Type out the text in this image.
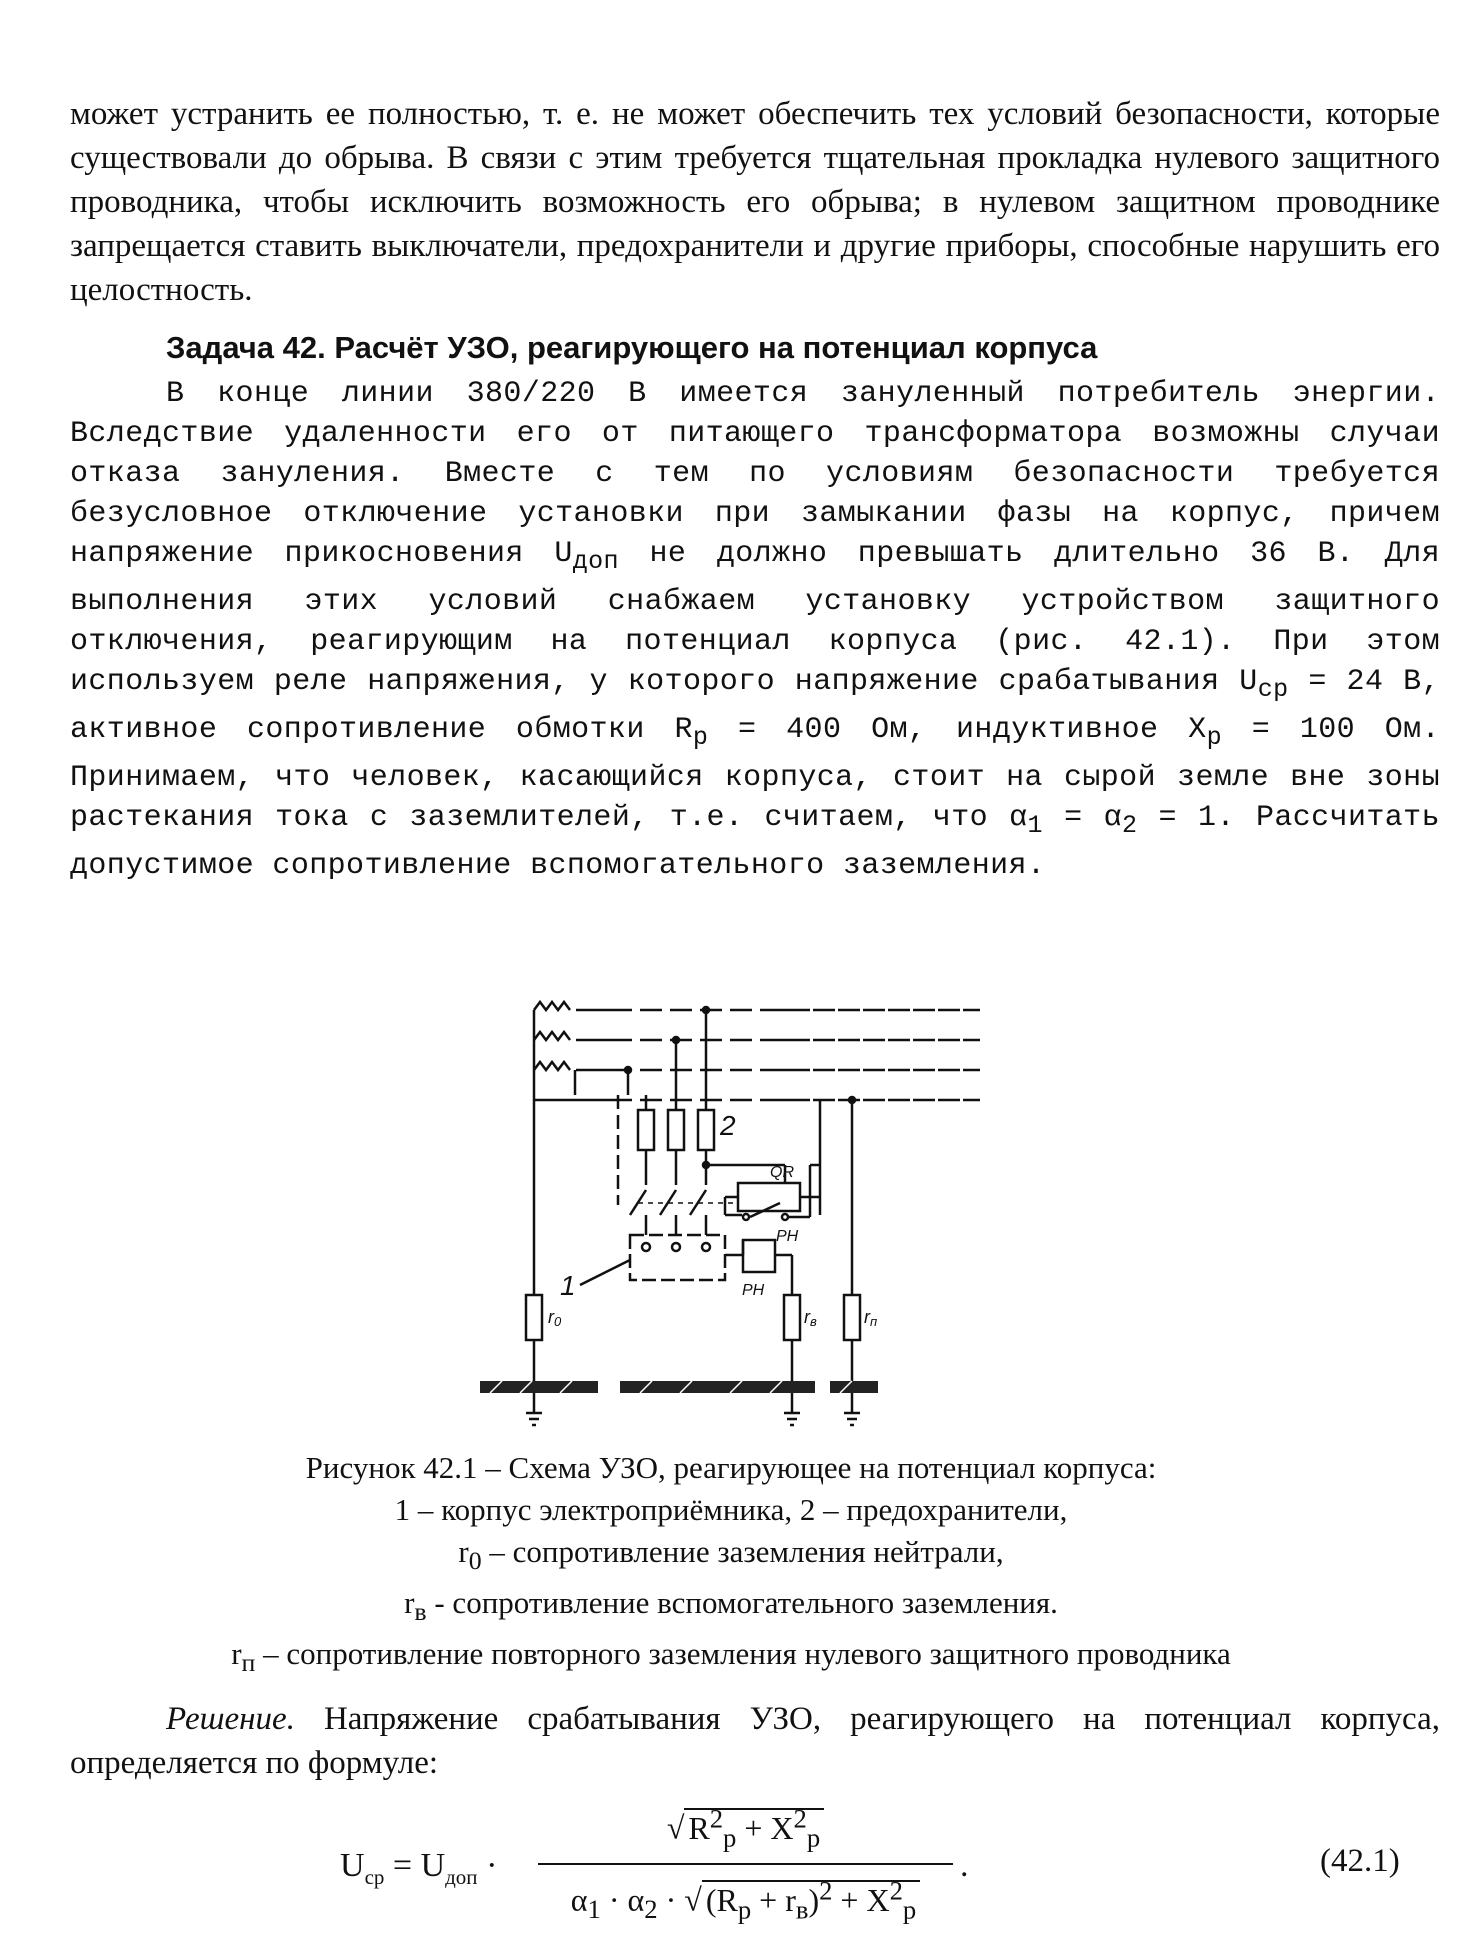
может устранить ее полностью, т. е. не может обеспечить тех условий безопасности, которые существовали до обрыва. В связи с этим требуется тщательная прокладка нулевого защитного проводника, чтобы исключить возможность его обрыва; в нулевом защитном проводнике запрещается ставить выключатели, предохранители и другие приборы, способные нарушить его целостность.

Задача 42. Расчёт УЗО, реагирующего на потенциал корпуса

В конце линии 380/220 В имеется зануленный потребитель энергии. Вследствие удаленности его от питающего трансформатора возможны случаи отказа зануления. Вместе с тем по условиям безопасности требуется безусловное отключение установки при замыкании фазы на корпус, причем напряжение прикосновения $U_{доп}$ не должно превышать длительно 36 В. Для выполнения этих условий снабжаем установку устройством защитного отключения, реагирующим на потенциал корпуса (рис. 42.1). При этом используем реле напряжения, у которого напряжение срабатывания $U_{ср} = 24$ В, активное сопротивление обмотки $R_р = 400$ Ом, индуктивное $X_р = 100$ Ом. Принимаем, что человек, касающийся корпуса, стоит на сырой земле вне зоны растекания тока с заземлителей, т.е. считаем, что $\alpha_1 = \alpha_2 = 1$. Рассчитать допустимое сопротивление вспомогательного заземления.

2
QR
PH
1	PH
r0	rв	rп
Рисунок 42.1 – Схема УЗО, реагирующее на потенциал корпуса:
1 – корпус электроприёмника, 2 – предохранители,
$r_0$ – сопротивление заземления нейтрали,
$r_в$ - сопротивление вспомогательного заземления.
$r_п$ – сопротивление повторного заземления нулевого защитного проводника

Решение. Напряжение срабатывания УЗО, реагирующего на потенциал корпуса, определяется по формуле:

$U_{ср} = U_{доп}$ ·
√ $R^2_р + X^2_р$
$\alpha_1 \cdot \alpha_2$ · √ $(R_р + r_в)^2 + X^2_р$
.	(42.1)
